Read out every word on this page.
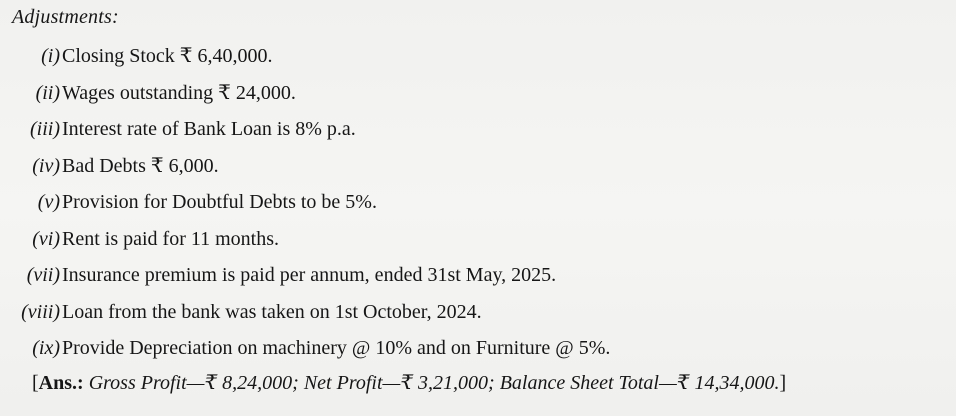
Adjustments:
(i) Closing Stock ₹ 6,40,000.
(ii) Wages outstanding ₹ 24,000.
(iii) Interest rate of Bank Loan is 8% p.a.
(iv) Bad Debts ₹ 6,000.
(v) Provision for Doubtful Debts to be 5%.
(vi) Rent is paid for 11 months.
(vii) Insurance premium is paid per annum, ended 31st May, 2025.
(viii) Loan from the bank was taken on 1st October, 2024.
(ix) Provide Depreciation on machinery @ 10% and on Furniture @ 5%.
[Ans.: Gross Profit—₹ 8,24,000; Net Profit—₹ 3,21,000; Balance Sheet Total—₹ 14,34,000.]
